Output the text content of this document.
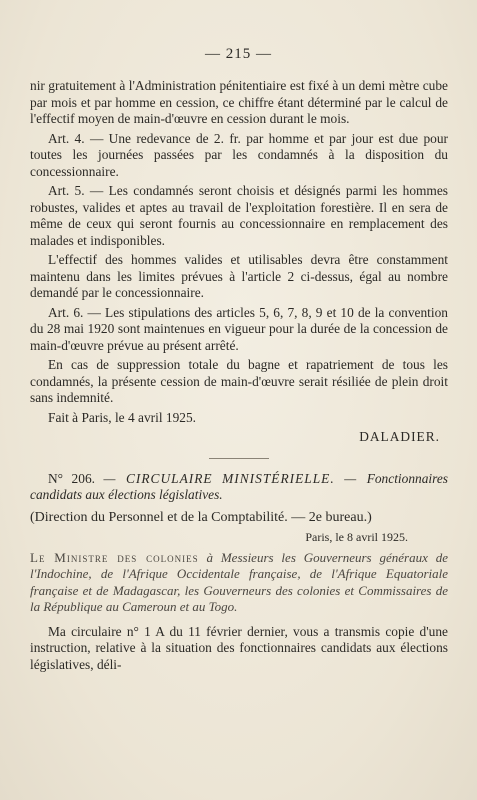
— 215 —

nir gratuitement à l'Administration pénitentiaire est fixé à un demi mètre cube par mois et par homme en cession, ce chiffre étant déterminé par le calcul de l'effectif moyen de main-d'œuvre en cession durant le mois.

Art. 4. — Une redevance de 2. fr. par homme et par jour est due pour toutes les journées passées par les condamnés à la disposition du concessionnaire.

Art. 5. — Les condamnés seront choisis et désignés parmi les hommes robustes, valides et aptes au travail de l'exploitation forestière. Il en sera de même de ceux qui seront fournis au concessionnaire en remplacement des malades et indisponibles.

L'effectif des hommes valides et utilisables devra être constamment maintenu dans les limites prévues à l'article 2 ci-dessus, égal au nombre demandé par le concessionnaire.

Art. 6. — Les stipulations des articles 5, 6, 7, 8, 9 et 10 de la convention du 28 mai 1920 sont maintenues en vigueur pour la durée de la concession de main-d'œuvre prévue au présent arrêté.

En cas de suppression totale du bagne et rapatriement de tous les condamnés, la présente cession de main-d'œuvre serait résiliée de plein droit sans indemnité.

Fait à Paris, le 4 avril 1925.

DALADIER.

N° 206. — CIRCULAIRE MINISTÉRIELLE. — Fonctionnaires candidats aux élections législatives.

(Direction du Personnel et de la Comptabilité. — 2e bureau.)

Paris, le 8 avril 1925.

Le Ministre des colonies à Messieurs les Gouverneurs généraux de l'Indochine, de l'Afrique Occidentale française, de l'Afrique Equatoriale française et de Madagascar, les Gouverneurs des colonies et Commissaires de la République au Cameroun et au Togo.

Ma circulaire n° 1 A du 11 février dernier, vous a transmis copie d'une instruction, relative à la situation des fonctionnaires candidats aux élections législatives, déli-
